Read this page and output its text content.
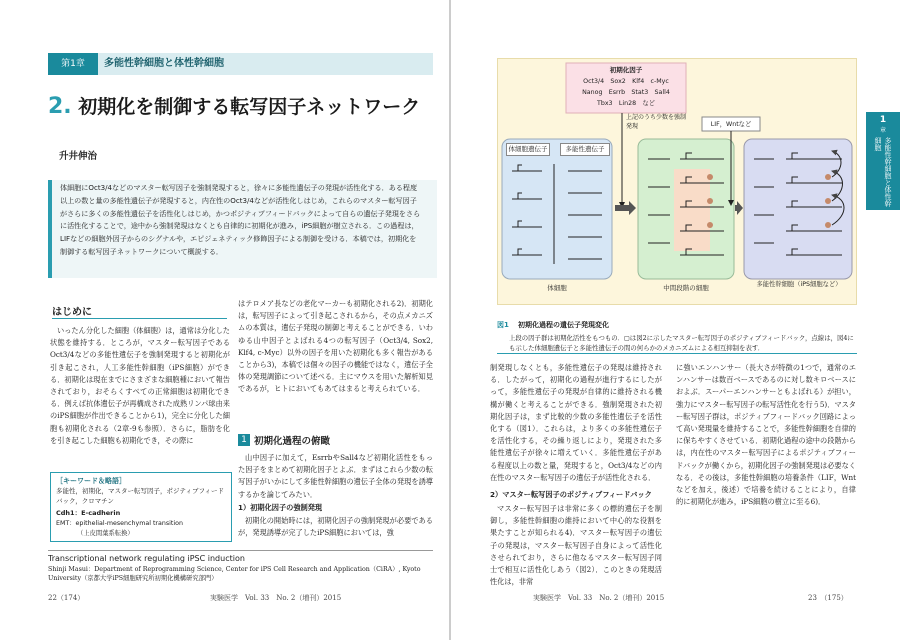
第1章	多能性幹細胞と体性幹細胞
2. 初期化を制御する転写因子ネットワーク
升井伸治

体細胞にOct3/4などのマスター転写因子を強制発現すると，徐々に多能性遺伝子の発現が活性化する．ある程度以上の数と量の多能性遺伝子が発現すると，内在性のOct3/4などが活性化しはじめ，これらのマスター転写因子がさらに多くの多能性遺伝子を活性化しはじめ，かつポジティブフィードバックによって自らの遺伝子発現をさらに活性化することで，途中から強制発現はなくとも自律的に初期化が進み，iPS細胞が樹立される．この過程は，LIFなどの細胞外因子からのシグナルや，エピジェネティック修飾因子による制御を受ける．本稿では，初期化を制御する転写因子ネットワークについて概説する．

はじめに

いったん分化した細胞（体細胞）は，通常は分化した状態を維持する．ところが，マスター転写因子であるOct3/4などの多能性遺伝子を強制発現すると初期化が引き起こされ，人工多能性幹細胞（iPS細胞）ができる．初期化は現在までにさまざまな細胞種において報告されており，おそらくすべての正常細胞は初期化できる．例えば抗体遺伝子が再構成された成熟リンパ球由来のiPS細胞が作出できることから1)，完全に分化した細胞も初期化される（2章-9も参照）．さらに，脂肪を化を引き起こした細胞も初期化でき，その際に

［キーワード＆略語］
多能性，初期化，マスター転写因子，ポジティブフィードバック，クロマチン
Cdh1：E-cadherin
EMT：epithelial-mesenchymal transition
（上皮間葉系転換）

はテロメア長などの老化マーカーも初期化される2)．初期化は，転写因子によって引き起こされるから，その点メカニズムの本質は，遺伝子発現の制御と考えることができる．いわゆる山中因子とよばれる4つの転写因子（Oct3/4, Sox2, Klf4, c-Myc）以外の因子を用いた初期化も多く報告があることから3)，本稿では個々の因子の機能ではなく，遺伝子全体の発現調節について述べる．主にマウスを用いた解析知見であるが，ヒトにおいてもあてはまると考えられている．

1 初期化過程の俯瞰

山中因子に加えて，EsrrbやSall4など初期化活性をもった因子をまとめて初期化因子とよぶ．まずはこれら少数の転写因子がいかにして多能性幹細胞の遺伝子全体の発現を誘導するかを論じてみたい．

1）初期化因子の強制発現

初期化の開始時には，初期化因子の強制発現が必要であるが，発現誘導が完了したiPS細胞においては，強

Transcriptional network regulating iPSC induction
Shinji Masui：Department of Reprogramming Science, Center for iPS Cell Research and Application（CiRA）, Kyoto University（京都大学iPS細胞研究所初期化機構研究部門）
22（174）	実験医学　Vol. 33　No. 2（増刊）2015
初期化因子
Oct3/4　Sox2　Klf4　c-Myc
Nanog　Esrrb　Stat3　Sall4
Tbx3　Lin28　など
上記のうち少数を強制発現	LIF，Wntなど
体細胞遺伝子	多能性遺伝子
体細胞	中間段階の細胞	多能性幹細胞（iPS細胞など）
図1 初期化過程の遺伝子発現変化
上段の因子群は初期化活性をもつもの．▢は図2に示したマスター転写因子のポジティブフィードバック，点線は，図4にも示した体細胞遺伝子と多能性遺伝子の間の何らかのメカニズムによる相互抑制を表す．

制発現しなくとも，多能性遺伝子の発現は維持される．したがって，初期化の過程が進行するにしたがって，多能性遺伝子の発現が自律的に維持される機構が働くと考えることができる．強制発現された初期化因子は，まず比較的少数の多能性遺伝子を活性化する（図1）．これらは，より多くの多能性遺伝子を活性化する，その繰り返しにより，発現された多能性遺伝子が徐々に増えていく．多能性遺伝子がある程度以上の数と量，発現すると，Oct3/4などの内在性のマスター転写因子の遺伝子が活性化される．

2）マスター転写因子のポジティブフィードバック

マスター転写因子は非常に多くの標的遺伝子を制御し，多能性幹細胞の維持において中心的な役割を果たすことが知られる4)．マスター転写因子の遺伝子の発現は，マスター転写因子自身によって活性化させられており，さらに他なるマスター転写因子同士で相互に活性化しあう（図2）．このときの発現活性化は，非常

に強いエンハンサー（長大さが特徴の1つで，通常のエンハンサーは数百ベースであるのに対し数キロベースにおよぶ．スーパーエンハンサーともよばれる）が担い，強力にマスター転写因子の転写活性化を行う5)．マスター転写因子群は，ポジティブフィードバック回路によって高い発現量を維持することで，多能性幹細胞を自律的に保ちやすくさせている．初期化過程の途中の段階からは，内在性のマスター転写因子によるポジティブフィードバックが働くから，初期化因子の強制発現は必要なくなる．その後は，多能性幹細胞の培養条件（LIF，Wntなどを加え，後述）で培養を続けることにより，自律的に初期化が進み，iPS細胞の樹立に至る6)．

実験医学　Vol. 33　No. 2（増刊）2015	23　（175）
1
章
多能性幹細胞と体性幹細胞
